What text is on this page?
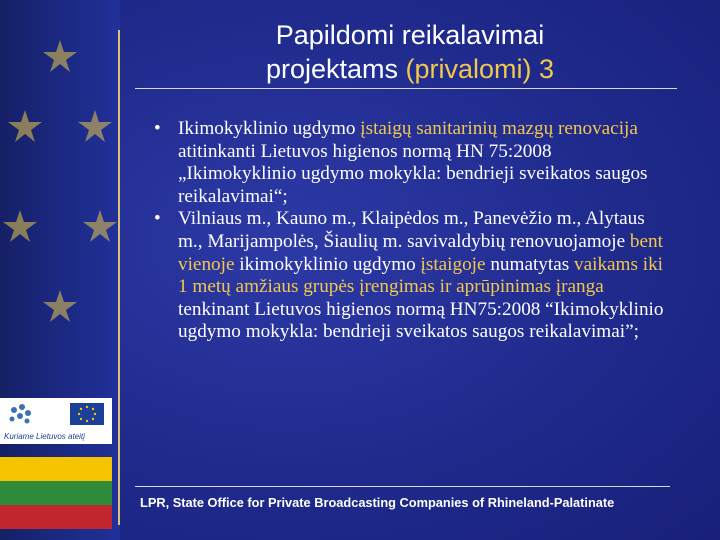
Papildomi reikalavimai
projektams (privalomi) 3

• Ikimokyklinio ugdymo įstaigų sanitarinių mazgų renovacija atitinkanti Lietuvos higienos normą HN 75:2008 „Ikimokyklinio ugdymo mokykla: bendrieji sveikatos saugos reikalavimai“;

• Vilniaus m., Kauno m., Klaipėdos m., Panevėžio m., Alytaus m., Marijampolės, Šiaulių m. savivaldybių renovuojamoje bent vienoje ikimokyklinio ugdymo įstaigoje numatytas vaikams iki 1 metų amžiaus grupės įrengimas ir aprūpinimas įranga tenkinant Lietuvos higienos normą HN75:2008 “Ikimokyklinio ugdymo mokykla: bendrieji sveikatos saugos reikalavimai”;

Kuriame Lietuvos ateitį
LPR, State Office for Private Broadcasting Companies of Rhineland-Palatinate
